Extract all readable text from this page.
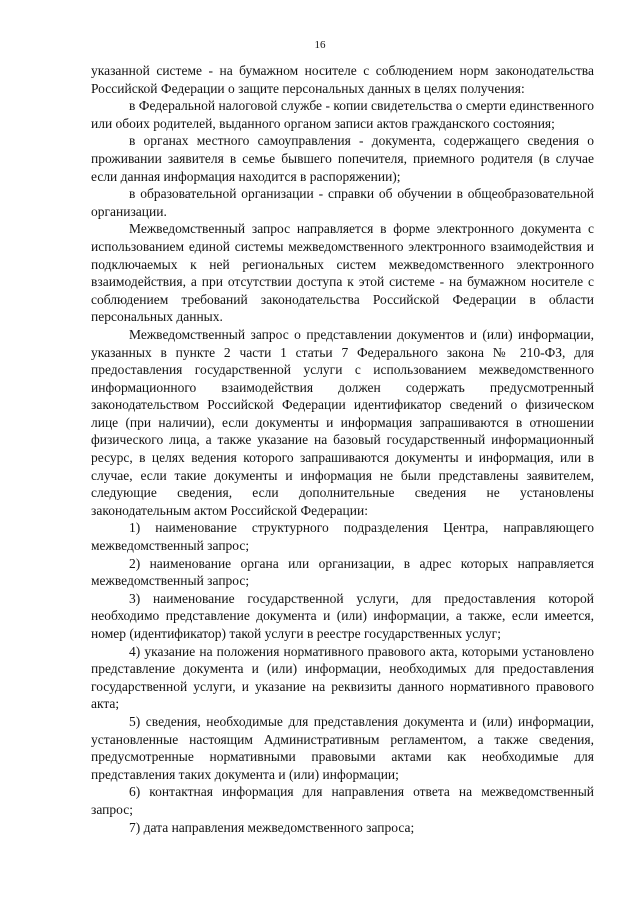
16

указанной системе - на бумажном носителе с соблюдением норм законодательства Российской Федерации о защите персональных данных в целях получения:

в Федеральной налоговой службе - копии свидетельства о смерти единственного или обоих родителей, выданного органом записи актов гражданского состояния;

в органах местного самоуправления - документа, содержащего сведения о проживании заявителя в семье бывшего попечителя, приемного родителя (в случае если данная информация находится в распоряжении);

в образовательной организации - справки об обучении в общеобразовательной организации.

Межведомственный запрос направляется в форме электронного документа с использованием единой системы межведомственного электронного взаимодействия и подключаемых к ней региональных систем межведомственного электронного взаимодействия, а при отсутствии доступа к этой системе - на бумажном носителе с соблюдением требований законодательства Российской Федерации в области персональных данных.

Межведомственный запрос о представлении документов и (или) информации, указанных в пункте 2 части 1 статьи 7 Федерального закона № 210-ФЗ, для предоставления государственной услуги с использованием межведомственного информационного взаимодействия должен содержать предусмотренный законодательством Российской Федерации идентификатор сведений о физическом лице (при наличии), если документы и информация запрашиваются в отношении физического лица, а также указание на базовый государственный информационный ресурс, в целях ведения которого запрашиваются документы и информация, или в случае, если такие документы и информация не были представлены заявителем, следующие сведения, если дополнительные сведения не установлены законодательным актом Российской Федерации:

1) наименование структурного подразделения Центра, направляющего межведомственный запрос;

2) наименование органа или организации, в адрес которых направляется межведомственный запрос;

3) наименование государственной услуги, для предоставления которой необходимо представление документа и (или) информации, а также, если имеется, номер (идентификатор) такой услуги в реестре государственных услуг;

4) указание на положения нормативного правового акта, которыми установлено представление документа и (или) информации, необходимых для предоставления государственной услуги, и указание на реквизиты данного нормативного правового акта;

5) сведения, необходимые для представления документа и (или) информации, установленные настоящим Административным регламентом, а также сведения, предусмотренные нормативными правовыми актами как необходимые для представления таких документа и (или) информации;

6) контактная информация для направления ответа на межведомственный запрос;

7) дата направления межведомственного запроса;
